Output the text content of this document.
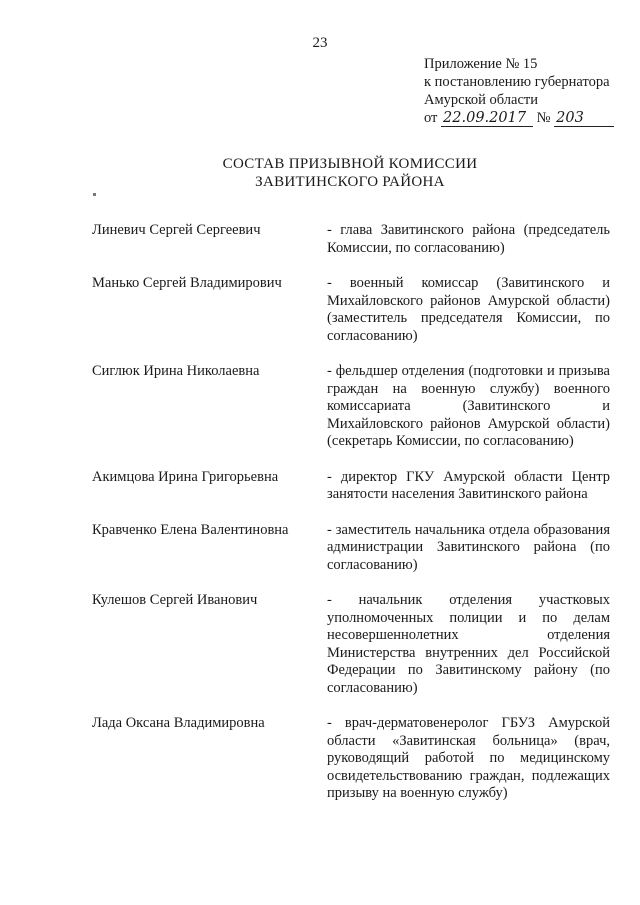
23
Приложение № 15
к постановлению губернатора
Амурской области
от 22.09.2017 № 203
СОСТАВ ПРИЗЫВНОЙ КОМИССИИ
ЗАВИТИНСКОГО РАЙОНА
Линевич Сергей Сергеевич	- глава Завитинского района (председатель Комиссии, по согласованию)
Манько Сергей Владимирович	- военный комиссар (Завитинского и Михайловского районов Амурской области) (заместитель председателя Комиссии, по согласованию)
Сиглюк Ирина Николаевна	- фельдшер отделения (подготовки и призыва граждан на военную службу) военного комиссариата (Завитинского и Михайловского районов Амурской области) (секретарь Комиссии, по согласованию)
Акимцова Ирина Григорьевна	- директор ГКУ Амурской области Центр занятости населения Завитинского района
Кравченко Елена Валентиновна	- заместитель начальника отдела образования администрации Завитинского района (по согласованию)
Кулешов Сергей Иванович	- начальник отделения участковых уполномоченных полиции и по делам несовершеннолетних отделения Министерства внутренних дел Российской Федерации по Завитинскому району (по согласованию)
Лада Оксана Владимировна	- врач-дерматовенеролог ГБУЗ Амурской области «Завитинская больница» (врач, руководящий работой по медицинскому освидетельствованию граждан, подлежащих призыву на военную службу)
